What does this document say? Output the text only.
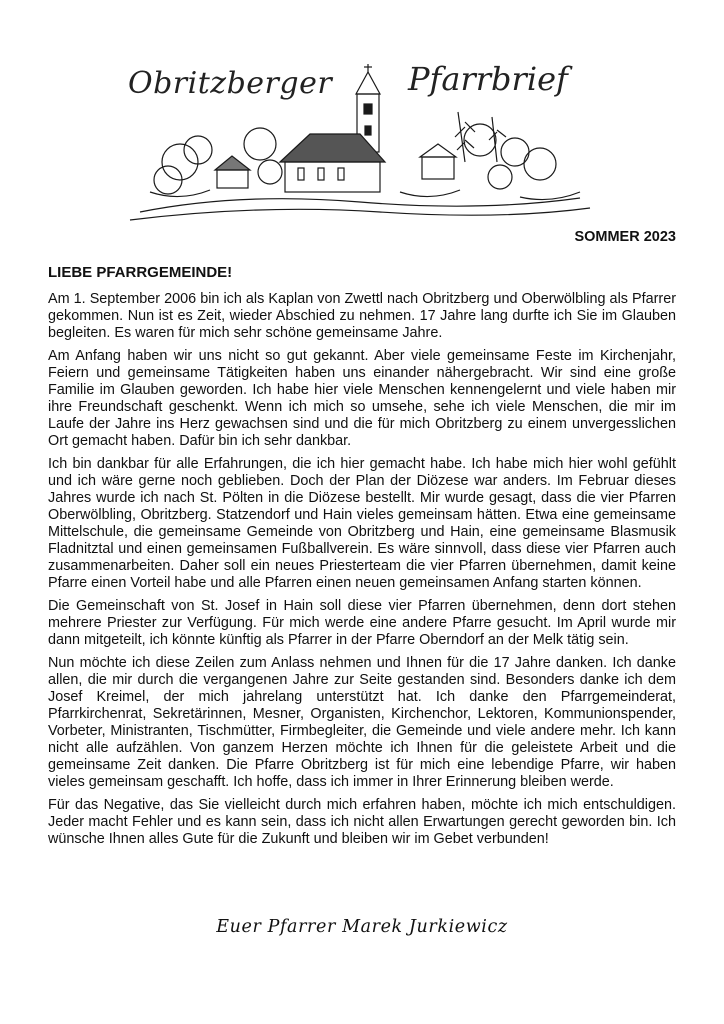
Obritzberger Pfarrbrief
SOMMER 2023
LIEBE PFARRGEMEINDE!

Am 1. September 2006 bin ich als Kaplan von Zwettl nach Obritzberg und Oberwölbling als Pfarrer gekommen. Nun ist es Zeit, wieder Abschied zu nehmen. 17 Jahre lang durfte ich Sie im Glauben begleiten. Es waren für mich sehr schöne gemeinsame Jahre.

Am Anfang haben wir uns nicht so gut gekannt. Aber viele gemeinsame Feste im Kirchenjahr, Feiern und gemeinsame Tätigkeiten haben uns einander nähergebracht. Wir sind eine große Familie im Glauben geworden. Ich habe hier viele Menschen kennengelernt und viele haben mir ihre Freundschaft geschenkt. Wenn ich mich so umsehe, sehe ich viele Menschen, die mir im Laufe der Jahre ins Herz gewachsen sind und die für mich Obritzberg zu einem unvergesslichen Ort gemacht haben. Dafür bin ich sehr dankbar.

Ich bin dankbar für alle Erfahrungen, die ich hier gemacht habe. Ich habe mich hier wohl gefühlt und ich wäre gerne noch geblieben. Doch der Plan der Diözese war anders. Im Februar dieses Jahres wurde ich nach St. Pölten in die Diözese bestellt. Mir wurde gesagt, dass die vier Pfarren Oberwölbling, Obritzberg. Statzendorf und Hain vieles gemeinsam hätten. Etwa eine gemeinsame Mittelschule, die gemeinsame Gemeinde von Obritzberg und Hain, eine gemeinsame Blasmusik Fladnitztal und einen gemeinsamen Fußballverein. Es wäre sinnvoll, dass diese vier Pfarren auch zusammenarbeiten. Daher soll ein neues Priesterteam die vier Pfarren übernehmen, damit keine Pfarre einen Vorteil habe und alle Pfarren einen neuen gemeinsamen Anfang starten können.

Die Gemeinschaft von St. Josef in Hain soll diese vier Pfarren übernehmen, denn dort stehen mehrere Priester zur Verfügung. Für mich werde eine andere Pfarre gesucht. Im April wurde mir dann mitgeteilt, ich könnte künftig als Pfarrer in der Pfarre Oberndorf an der Melk tätig sein.

Nun möchte ich diese Zeilen zum Anlass nehmen und Ihnen für die 17 Jahre danken. Ich danke allen, die mir durch die vergangenen Jahre zur Seite gestanden sind. Besonders danke ich dem Josef Kreimel, der mich jahrelang unterstützt hat. Ich danke den Pfarrgemeinderat, Pfarrkirchenrat, Sekretärinnen, Mesner, Organisten, Kirchenchor, Lektoren, Kommunionspender, Vorbeter, Ministranten, Tischmütter, Firmbegleiter, die Gemeinde und viele andere mehr. Ich kann nicht alle aufzählen. Von ganzem Herzen möchte ich Ihnen für die geleistete Arbeit und die gemeinsame Zeit danken. Die Pfarre Obritzberg ist für mich eine lebendige Pfarre, wir haben vieles gemeinsam geschafft. Ich hoffe, dass ich immer in Ihrer Erinnerung bleiben werde.

Für das Negative, das Sie vielleicht durch mich erfahren haben, möchte ich mich entschuldigen. Jeder macht Fehler und es kann sein, dass ich nicht allen Erwartungen gerecht geworden bin. Ich wünsche Ihnen alles Gute für die Zukunft und bleiben wir im Gebet verbunden!

Euer Pfarrer Marek Jurkiewicz
